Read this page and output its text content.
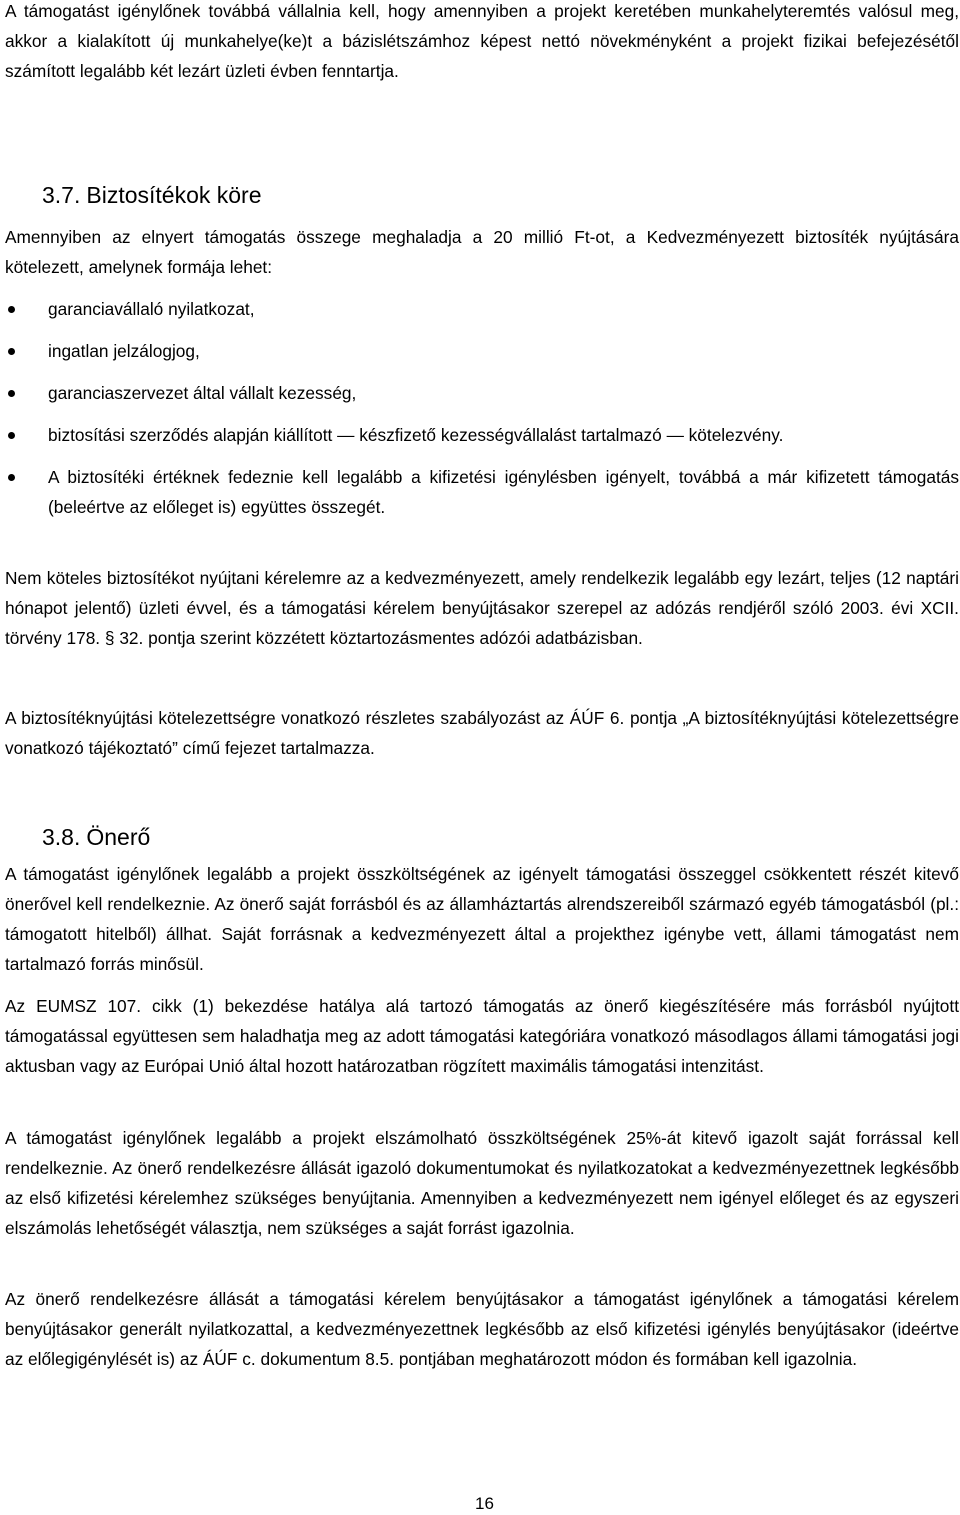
A támogatást igénylőnek továbbá vállalnia kell, hogy amennyiben a projekt keretében munkahelyteremtés valósul meg, akkor a kialakított új munkahelye(ke)t a bázislétszámhoz képest nettó növekményként a projekt fizikai befejezésétől számított legalább két lezárt üzleti évben fenntartja.

3.7. Biztosítékok köre

Amennyiben az elnyert támogatás összege meghaladja a 20 millió Ft-ot, a Kedvezményezett biztosíték nyújtására kötelezett, amelynek formája lehet:

garanciavállaló nyilatkozat,
ingatlan jelzálogjog,
garanciaszervezet által vállalt kezesség,
biztosítási szerződés alapján kiállított — készfizető kezességvállalást tartalmazó — kötelezvény.
A biztosítéki értéknek fedeznie kell legalább a kifizetési igénylésben igényelt, továbbá a már kifizetett támogatás (beleértve az előleget is) együttes összegét.

Nem köteles biztosítékot nyújtani kérelemre az a kedvezményezett, amely rendelkezik legalább egy lezárt, teljes (12 naptári hónapot jelentő) üzleti évvel, és a támogatási kérelem benyújtásakor szerepel az adózás rendjéről szóló 2003. évi XCII. törvény 178. § 32. pontja szerint közzétett köztartozásmentes adózói adatbázisban.

A biztosítéknyújtási kötelezettségre vonatkozó részletes szabályozást az ÁÚF 6. pontja „A biztosítéknyújtási kötelezettségre vonatkozó tájékoztató” című fejezet tartalmazza.

3.8. Önerő

A támogatást igénylőnek legalább a projekt összköltségének az igényelt támogatási összeggel csökkentett részét kitevő önerővel kell rendelkeznie. Az önerő saját forrásból és az államháztartás alrendszereiből származó egyéb támogatásból (pl.: támogatott hitelből) állhat. Saját forrásnak a kedvezményezett által a projekthez igénybe vett, állami támogatást nem tartalmazó forrás minősül.

Az EUMSZ 107. cikk (1) bekezdése hatálya alá tartozó támogatás az önerő kiegészítésére más forrásból nyújtott támogatással együttesen sem haladhatja meg az adott támogatási kategóriára vonatkozó másodlagos állami támogatási jogi aktusban vagy az Európai Unió által hozott határozatban rögzített maximális támogatási intenzitást.

A támogatást igénylőnek legalább a projekt elszámolható összköltségének 25%-át kitevő igazolt saját forrással kell rendelkeznie. Az önerő rendelkezésre állását igazoló dokumentumokat és nyilatkozatokat a kedvezményezettnek legkésőbb az első kifizetési kérelemhez szükséges benyújtania. Amennyiben a kedvezményezett nem igényel előleget és az egyszeri elszámolás lehetőségét választja, nem szükséges a saját forrást igazolnia.

Az önerő rendelkezésre állását a támogatási kérelem benyújtásakor a támogatást igénylőnek a támogatási kérelem benyújtásakor generált nyilatkozattal, a kedvezményezettnek legkésőbb az első kifizetési igénylés benyújtásakor (ideértve az előlegigénylését is) az ÁÚF c. dokumentum 8.5. pontjában meghatározott módon és formában kell igazolnia.

16
